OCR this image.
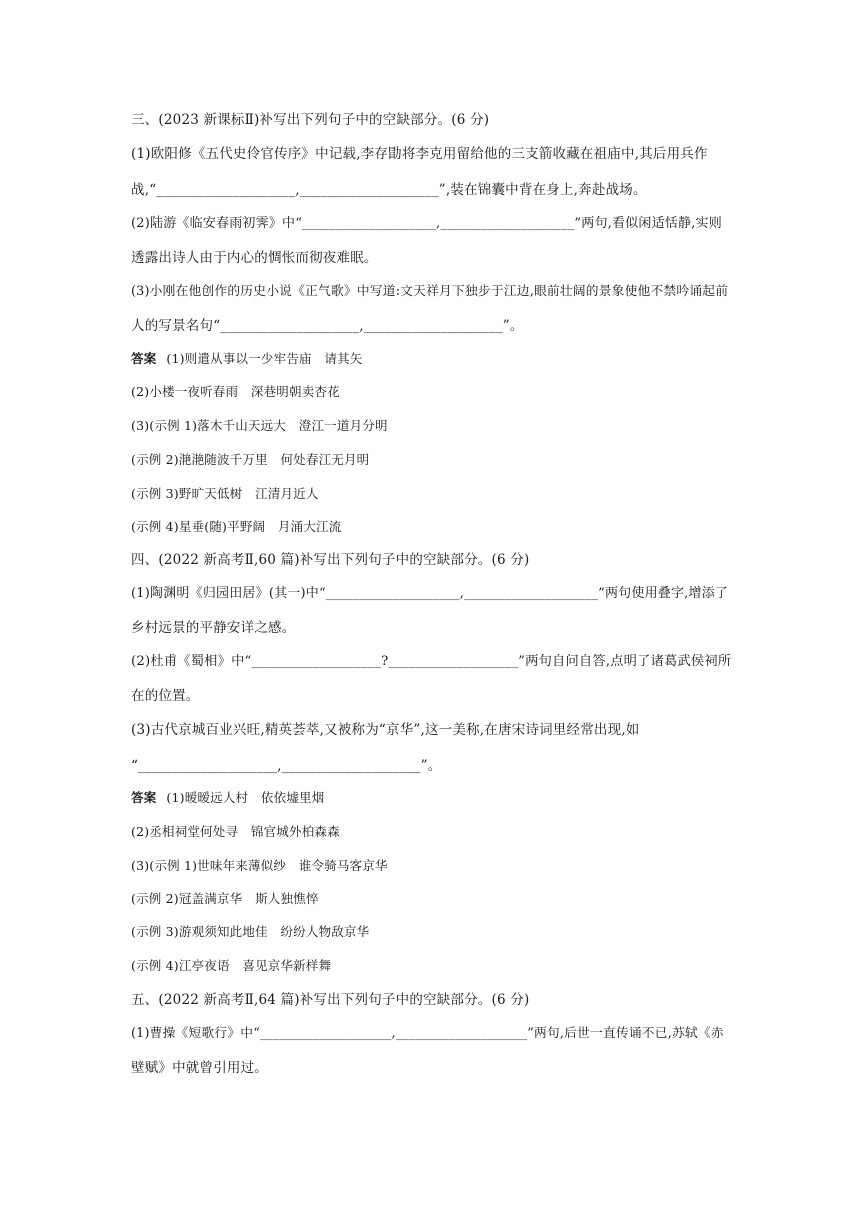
三、(2023 新课标Ⅱ)补写出下列句子中的空缺部分。(6 分)
(1)欧阳修《五代史伶官传序》中记载,李存勖将李克用留给他的三支箭收藏在祖庙中,其后用兵作
战,“____________________,____________________”,装在锦囊中背在身上,奔赴战场。
(2)陆游《临安春雨初霁》中“____________________,____________________”两句,看似闲适恬静,实则
透露出诗人由于内心的惆怅而彻夜难眠。
(3)小刚在他创作的历史小说《正气歌》中写道:文天祥月下独步于江边,眼前壮阔的景象使他不禁吟诵起前
人的写景名句“____________________,____________________”。
答案 (1)则遣从事以一少牢告庙　请其矢
(2)小楼一夜听春雨　深巷明朝卖杏花
(3)(示例 1)落木千山天远大　澄江一道月分明
(示例 2)滟滟随波千万里　何处春江无月明
(示例 3)野旷天低树　江清月近人
(示例 4)星垂(随)平野阔　月涌大江流
四、(2022 新高考Ⅱ,60 篇)补写出下列句子中的空缺部分。(6 分)
(1)陶渊明《归园田居》(其一)中“____________________,____________________”两句使用叠字,增添了
乡村远景的平静安详之感。
(2)杜甫《蜀相》中“___________________?___________________”两句自问自答,点明了诸葛武侯祠所
在的位置。
(3)古代京城百业兴旺,精英荟萃,又被称为“京华”,这一美称,在唐宋诗词里经常出现,如
“____________________,____________________”。
答案 (1)暧暧远人村　依依墟里烟
(2)丞相祠堂何处寻　锦官城外柏森森
(3)(示例 1)世味年来薄似纱　谁令骑马客京华
(示例 2)冠盖满京华　斯人独憔悴
(示例 3)游观须知此地佳　纷纷人物敌京华
(示例 4)江亭夜语　喜见京华新样舞
五、(2022 新高考Ⅱ,64 篇)补写出下列句子中的空缺部分。(6 分)
(1)曹操《短歌行》中“____________________,____________________”两句,后世一直传诵不已,苏轼《赤
壁赋》中就曾引用过。
